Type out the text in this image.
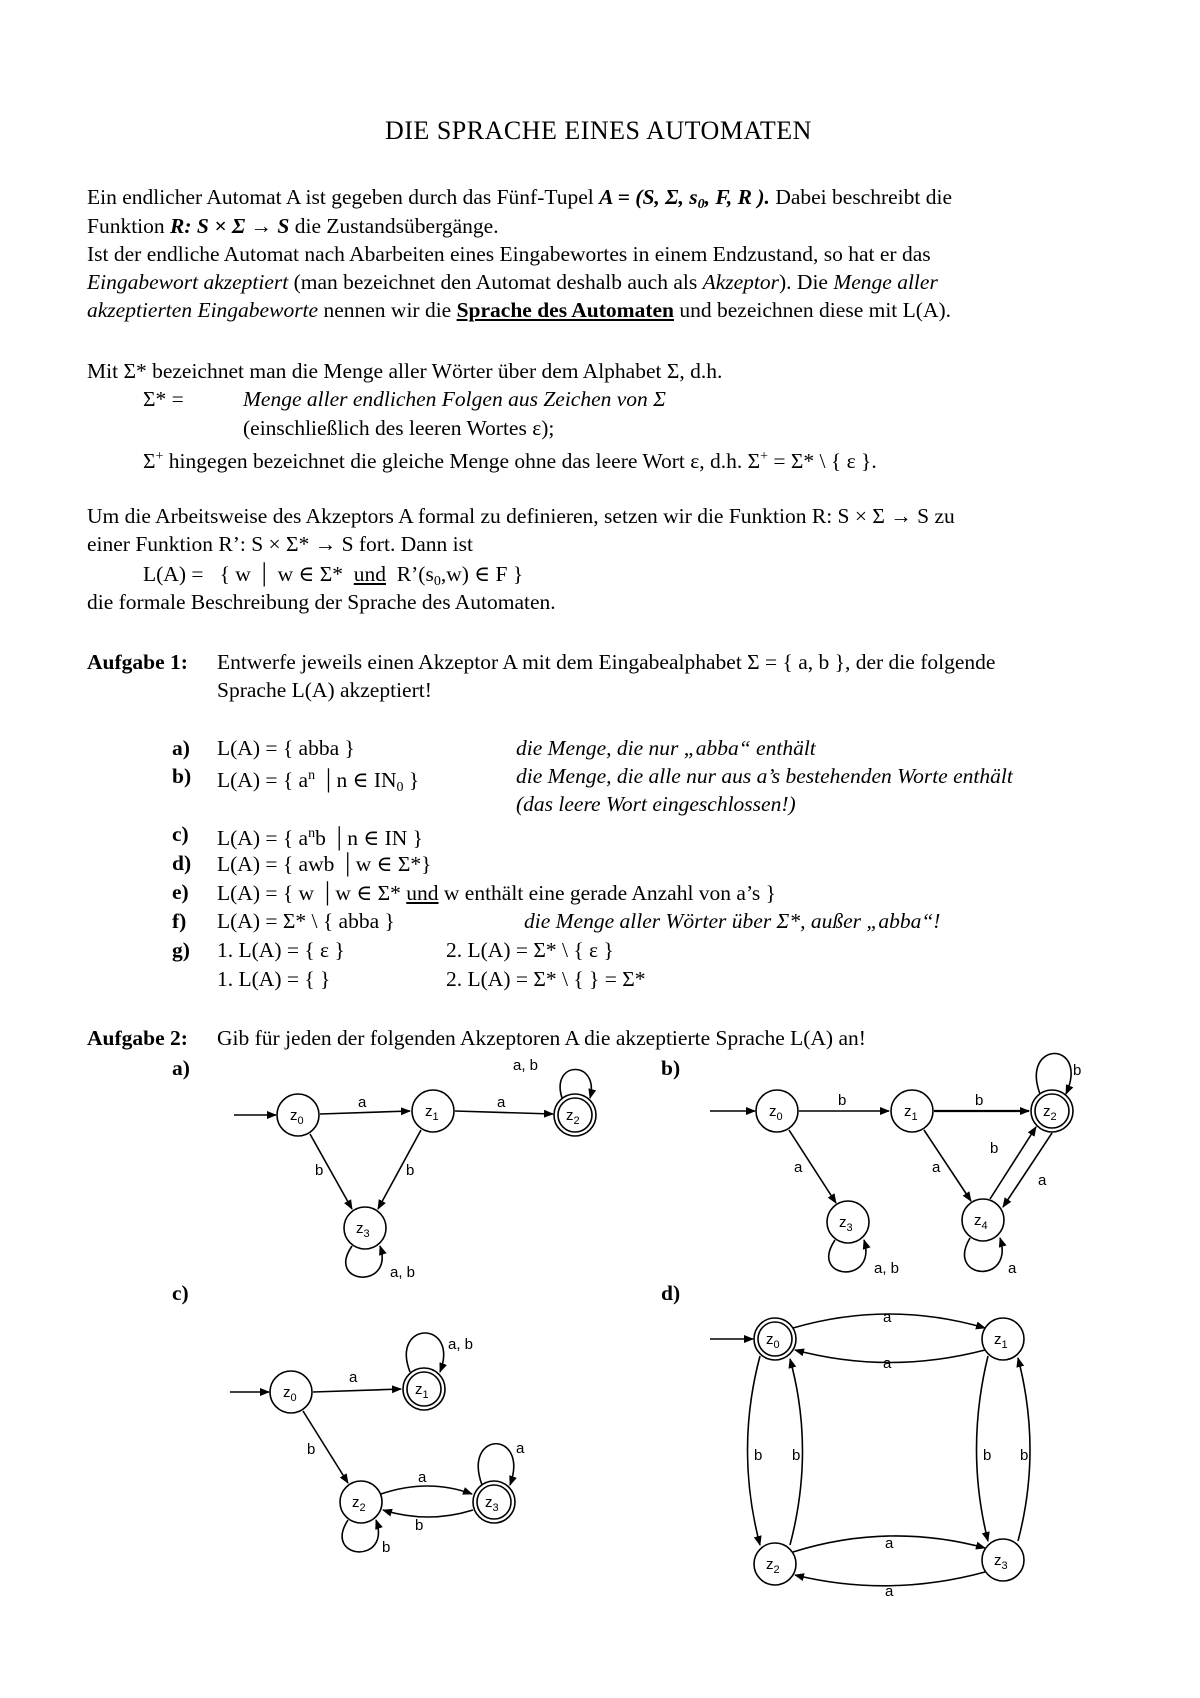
DIE SPRACHE EINES AUTOMATEN
Ein endlicher Automat A ist gegeben durch das Fünf-Tupel A = (S, Σ, $s_0$, F, R ). Dabei beschreibt die
Funktion R: S × Σ → S die Zustandsübergänge.
Ist der endliche Automat nach Abarbeiten eines Eingabewortes in einem Endzustand, so hat er das
Eingabewort akzeptiert (man bezeichnet den Automat deshalb auch als Akzeptor). Die Menge aller
akzeptierten Eingabeworte nennen wir die Sprache des Automaten und bezeichnen diese mit L(A).
Mit Σ* bezeichnet man die Menge aller Wörter über dem Alphabet Σ, d.h.
Σ* =	Menge aller endlichen Folgen aus Zeichen von Σ
(einschließlich des leeren Wortes ε);
Σ+ hingegen bezeichnet die gleiche Menge ohne das leere Wort ε, d.h. Σ+ = Σ* \ { ε }.
Um die Arbeitsweise des Akzeptors A formal zu definieren, setzen wir die Funktion R: S × Σ → S zu
einer Funktion R’: S × Σ* → S fort. Dann ist
L(A) = { w | w ∈ Σ* und $R’(s_0,w)$ ∈ F }
die formale Beschreibung der Sprache des Automaten.
Aufgabe 1: Entwerfe jeweils einen Akzeptor A mit dem Eingabealphabet Σ = { a, b }, der die folgende
Sprache L(A) akzeptiert!
a) L(A) = { abba }	die Menge, die nur „abba“ enthält
b) L(A) = { $a^n$ | n ∈ $IN_0$ }	die Menge, die alle nur aus a’s bestehenden Worte enthält
(das leere Wort eingeschlossen!)
c) L(A) = { $a^nb$ | n ∈ IN }
d) L(A) = { awb | w ∈ Σ*}
e) L(A) = { w | w ∈ Σ* und w enthält eine gerade Anzahl von a’s }
f) L(A) = Σ* \ { abba }	die Menge aller Wörter über Σ*, außer „abba“!
g) 1. L(A) = { ε }	2. L(A) = Σ* \ { ε }
1. L(A) = { }	2. L(A) = Σ* \ { } = Σ*
Aufgabe 2: Gib für jeden der folgenden Akzeptoren A die akzeptierte Sprache L(A) an!
a)	b)
c)	d)
$z_0$
$z_1$	$z_2$
$z_3$
a	a
b	b
a, b
a, b
$z_0$	$z_1$	$z_2$
$z_3$	$z_4$
b	b
a	a
b
a
b
a, b	a
$z_0$	$z_1$
$z_2$	$z_3$
a
b
a
b
a, b
b
a
$z_0$	$z_1$
$z_2$
$z_3$
a
a
b b	b b
a
a
